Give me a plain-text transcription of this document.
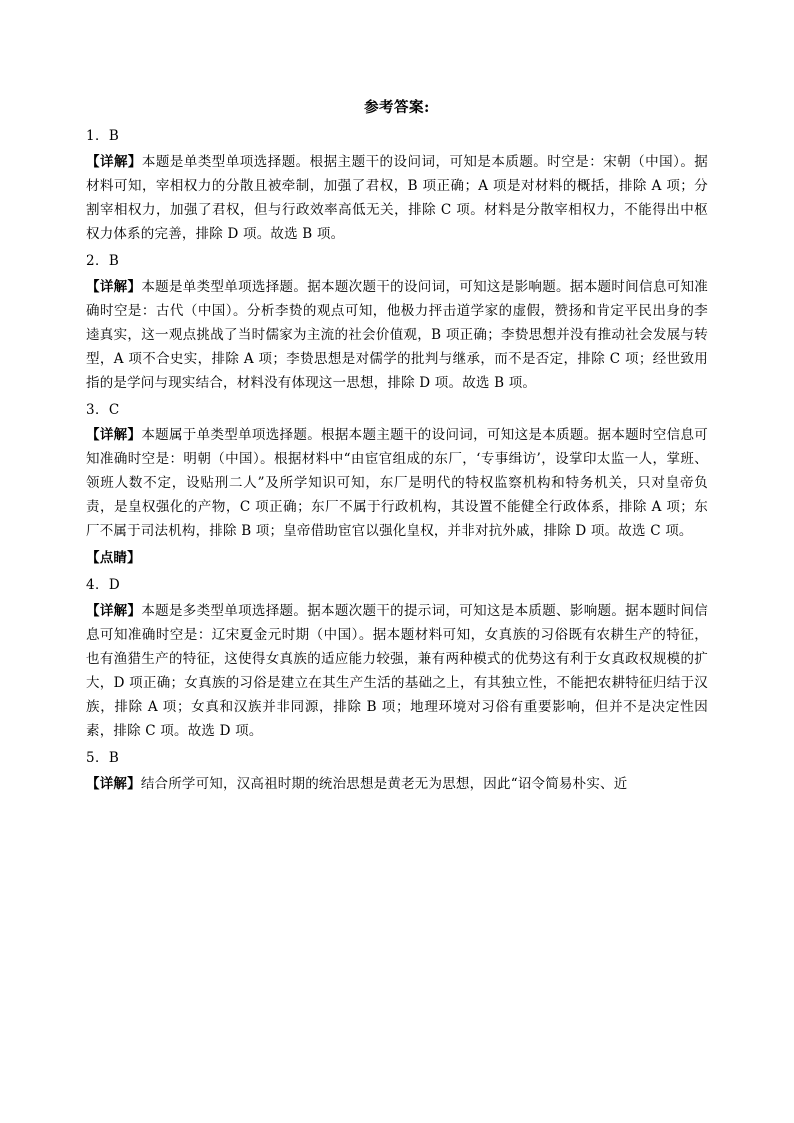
参考答案:
1．B

【详解】本题是单类型单项选择题。根据主题干的设问词，可知是本质题。时空是：宋朝（中国）。据材料可知，宰相权力的分散且被牵制，加强了君权，B 项正确；A 项是对材料的概括，排除 A 项；分割宰相权力，加强了君权，但与行政效率高低无关，排除 C 项。材料是分散宰相权力，不能得出中枢权力体系的完善，排除 D 项。故选 B 项。

2．B

【详解】本题是单类型单项选择题。据本题次题干的设问词，可知这是影响题。据本题时间信息可知准确时空是：古代（中国）。分析李贽的观点可知，他极力抨击道学家的虚假，赞扬和肯定平民出身的李逵真实，这一观点挑战了当时儒家为主流的社会价值观，B 项正确；李贽思想并没有推动社会发展与转型，A 项不合史实，排除 A 项；李贽思想是对儒学的批判与继承，而不是否定，排除 C 项；经世致用指的是学问与现实结合，材料没有体现这一思想，排除 D 项。故选 B 项。

3．C

【详解】本题属于单类型单项选择题。根据本题主题干的设问词，可知这是本质题。据本题时空信息可知准确时空是：明朝（中国）。根据材料中“由宦官组成的东厂，‘专事缉访’，设掌印太监一人，掌班、领班人数不定，设贴刑二人”及所学知识可知，东厂是明代的特权监察机构和特务机关，只对皇帝负责，是皇权强化的产物，C 项正确；东厂不属于行政机构，其设置不能健全行政体系，排除 A 项；东厂不属于司法机构，排除 B 项；皇帝借助宦官以强化皇权，并非对抗外戚，排除 D 项。故选 C 项。

【点睛】
4．D

【详解】本题是多类型单项选择题。据本题次题干的提示词，可知这是本质题、影响题。据本题时间信息可知准确时空是：辽宋夏金元时期（中国）。据本题材料可知，女真族的习俗既有农耕生产的特征，也有渔猎生产的特征，这使得女真族的适应能力较强，兼有两种模式的优势这有利于女真政权规模的扩大，D 项正确；女真族的习俗是建立在其生产生活的基础之上，有其独立性，不能把农耕特征归结于汉族，排除 A 项；女真和汉族并非同源，排除 B 项；地理环境对习俗有重要影响，但并不是决定性因素，排除 C 项。故选 D 项。

5．B

【详解】结合所学可知，汉高祖时期的统治思想是黄老无为思想，因此“诏令简易朴实、近
